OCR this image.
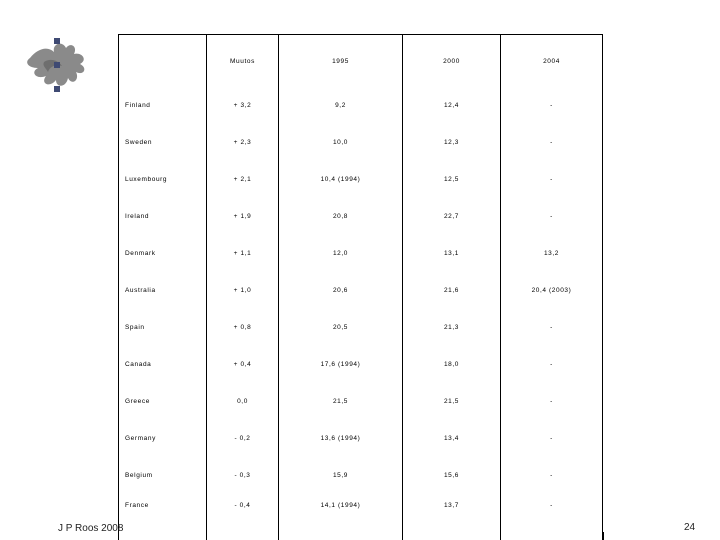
	Muutos	1995	2000	2004
Finland	+ 3,2	9,2	12,4	-
Sweden	+ 2,3	10,0	12,3	-
Luxembourg	+ 2,1	10,4 (1994)	12,5	-
Ireland	+ 1,9	20,8	22,7	-
Denmark	+ 1,1	12,0	13,1	13,2
Australia	+ 1,0	20,6	21,6	20,4 (2003)
Spain	+ 0,8	20,5	21,3	-
Canada	+ 0,4	17,6 (1994)	18,0	-
Greece	0,0	21,5	21,5	-
Germany	- 0,2	13,6 (1994)	13,4	-
Belgium	- 0,3	15,9	15,6	-
France	- 0,4	14,1 (1994)	13,7	-
J P Roos 2008	24
